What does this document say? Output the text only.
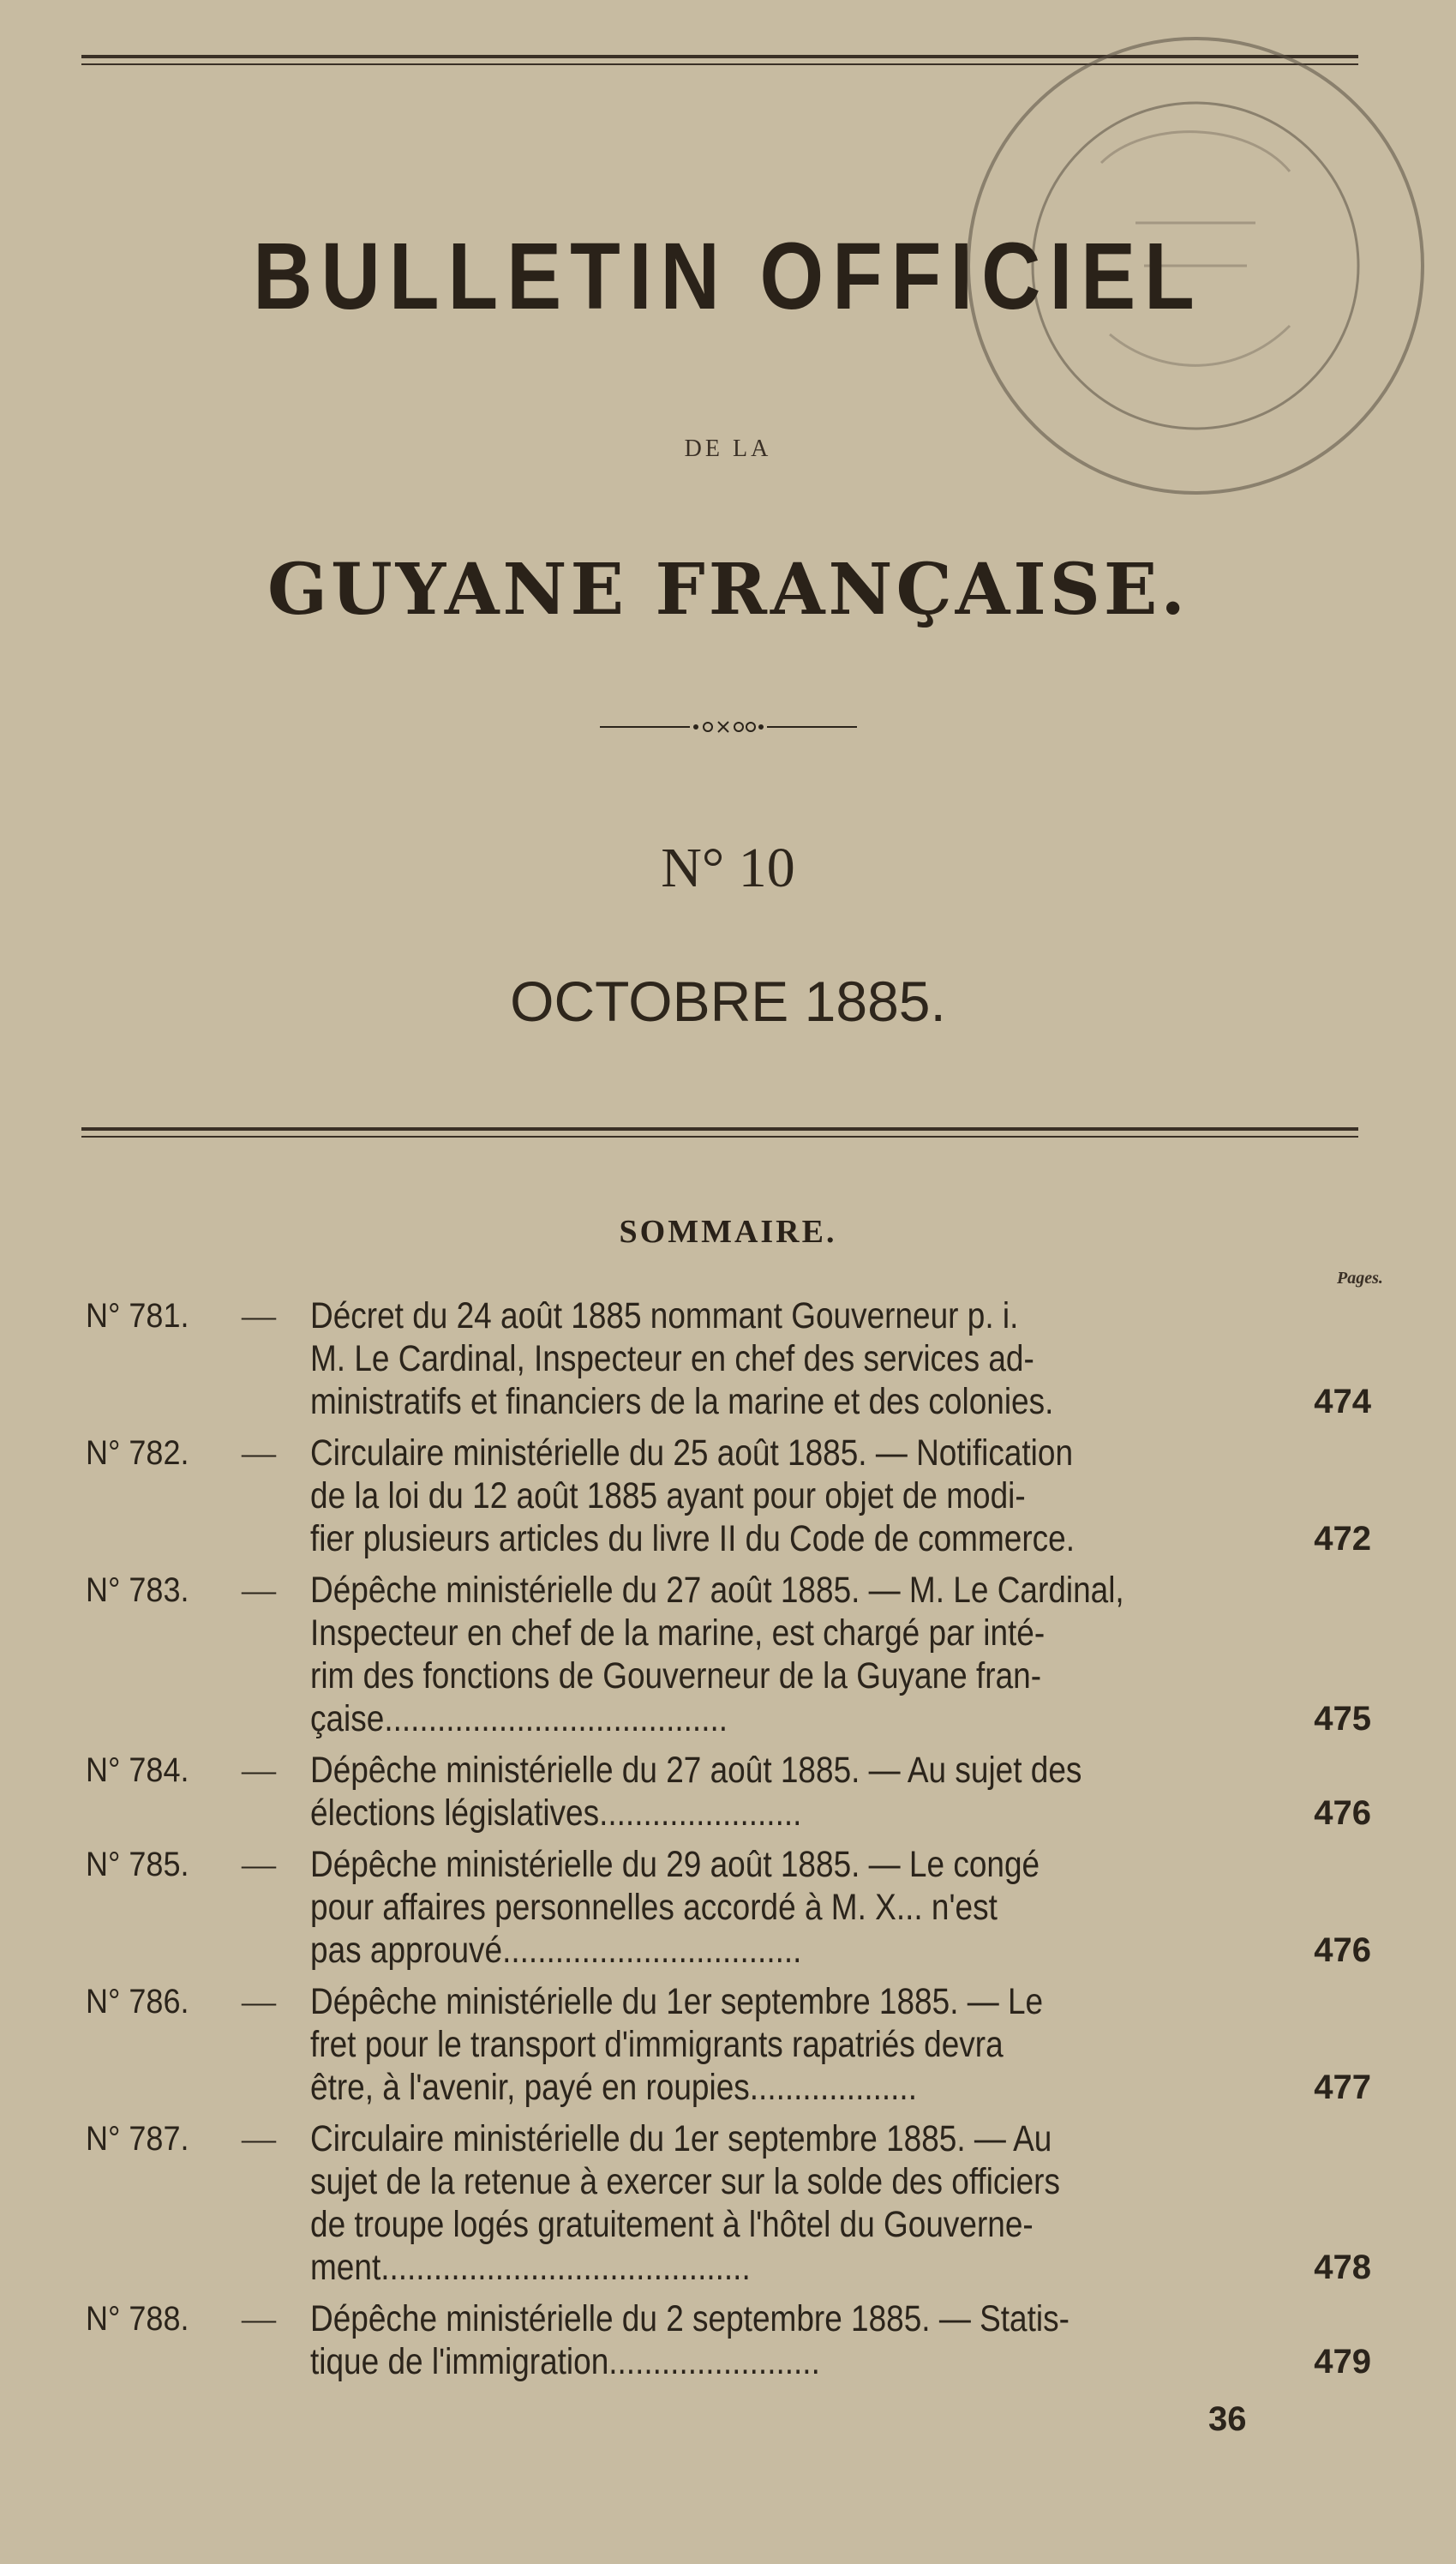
BULLETIN OFFICIEL
DE LA
GUYANE FRANÇAISE.
N° 10
OCTOBRE 1885.
SOMMAIRE.
Pages.
N° 781. — Décret du 24 août 1885 nommant Gouverneur p. i.
M. Le Cardinal, Inspecteur en chef des services ad-
ministratifs et financiers de la marine et des colonies.	474
N° 782. — Circulaire ministérielle du 25 août 1885. — Notification
de la loi du 12 août 1885 ayant pour objet de modi-
fier plusieurs articles du livre II du Code de commerce.	472
N° 783. — Dépêche ministérielle du 27 août 1885. — M. Le Cardinal,
Inspecteur en chef de la marine, est chargé par inté-
rim des fonctions de Gouverneur de la Guyane fran-
çaise.......................................	475
N° 784. — Dépêche ministérielle du 27 août 1885. — Au sujet des
élections législatives.......................	476
N° 785. — Dépêche ministérielle du 29 août 1885. — Le congé
pour affaires personnelles accordé à M. X... n'est
pas approuvé..................................	476
N° 786. — Dépêche ministérielle du 1er septembre 1885. — Le
fret pour le transport d'immigrants rapatriés devra
être, à l'avenir, payé en roupies...................	477
N° 787. — Circulaire ministérielle du 1er septembre 1885. — Au
sujet de la retenue à exercer sur la solde des officiers
de troupe logés gratuitement à l'hôtel du Gouverne-
ment..........................................	478
N° 788. — Dépêche ministérielle du 2 septembre 1885. — Statis-
tique de l'immigration........................	479
36
